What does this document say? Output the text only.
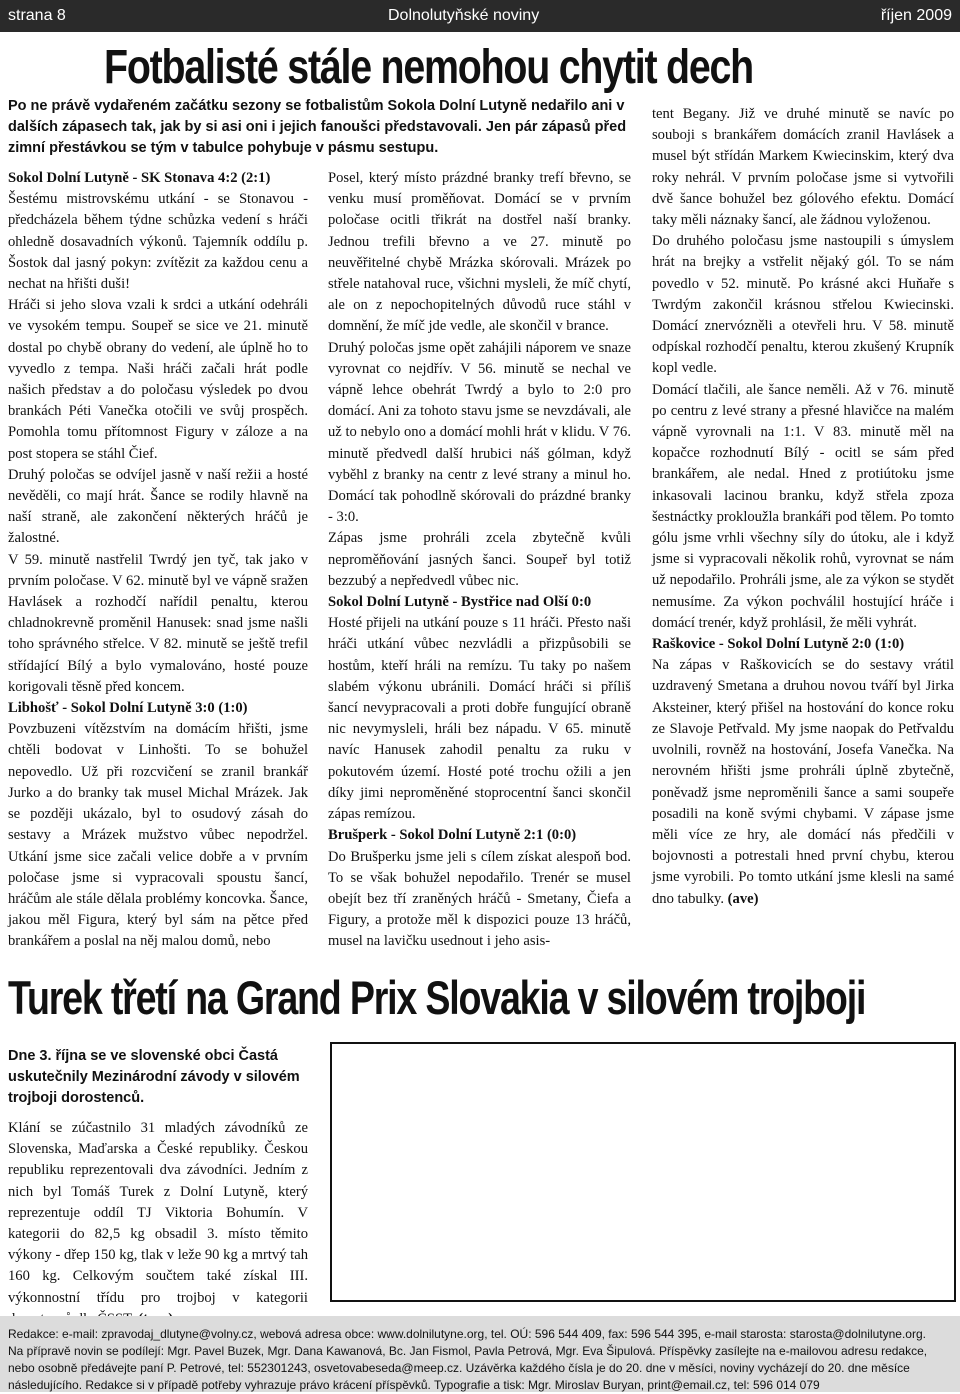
strana 8	Dolnolutyňské noviny	říjen 2009
Fotbalisté stále nemohou chytit dech
Po ne právě vydařeném začátku sezony se fotbalistům Sokola Dolní Lutyně nedařilo ani v dalších zápasech tak, jak by si asi oni i jejich fanoušci představovali. Jen pár zápasů před zimní přestávkou se tým v tabulce pohybuje v pásmu sestupu.

Sokol Dolní Lutyně - SK Stonava 4:2 (2:1)

Šestému mistrovskému utkání - se Stonavou - předcházela během týdne schůzka vedení s hráči ohledně dosavadních výkonů. Tajemník oddílu p. Šostok dal jasný pokyn: zvítězit za každou cenu a nechat na hřišti duši!

Hráči si jeho slova vzali k srdci a utkání odehráli ve vysokém tempu. Soupeř se sice ve 21. minutě dostal po chybě obrany do vedení, ale úplně ho to vyvedlo z tempa. Naši hráči začali hrát podle našich představ a do poločasu výsledek po dvou brankách Péti Vanečka otočili ve svůj prospěch. Pomohla tomu přítomnost Figury v záloze a na post stopera se stáhl Čief.

Druhý poločas se odvíjel jasně v naší režii a hosté nevěděli, co mají hrát. Šance se rodily hlavně na naší straně, ale zakončení některých hráčů je žalostné.

V 59. minutě nastřelil Twrdý jen tyč, tak jako v prvním poločase. V 62. minutě byl ve vápně sražen Havlásek a rozhodčí nařídil penaltu, kterou chladnokrevně proměnil Hanusek: snad jsme našli toho správného střelce. V 82. minutě se ještě trefil střídající Bílý a bylo vymalováno, hosté pouze korigovali těsně před koncem.

Libhošť - Sokol Dolní Lutyně 3:0 (1:0)

Povzbuzeni vítězstvím na domácím hřišti, jsme chtěli bodovat v Linhošti. To se bohužel nepovedlo. Už při rozcvičení se zranil brankář Jurko a do branky tak musel Michal Mrázek. Jak se později ukázalo, byl to osudový zásah do sestavy a Mrázek mužstvo vůbec nepodržel. Utkání jsme sice začali velice dobře a v prvním poločase jsme si vypracovali spoustu šancí, hráčům ale stále dělala problémy koncovka. Šance, jakou měl Figura, který byl sám na pětce před brankářem a poslal na něj malou domů, nebo

Posel, který místo prázdné branky trefí břevno, se venku musí proměňovat. Domácí se v prvním poločase ocitli třikrát na dostřel naší branky. Jednou trefili břevno a ve 27. minutě po neuvěřitelné chybě Mrázka skórovali. Mrázek po střele natahoval ruce, všichni mysleli, že míč chytí, ale on z nepochopitelných důvodů ruce stáhl v domnění, že míč jde vedle, ale skončil v brance.

Druhý poločas jsme opět zahájili náporem ve snaze vyrovnat co nejdřív. V 56. minutě se nechal ve vápně lehce obehrát Twrdý a bylo to 2:0 pro domácí. Ani za tohoto stavu jsme se nevzdávali, ale už to nebylo ono a domácí mohli hrát v klidu. V 76. minutě předvedl další hrubici náš gólman, když vyběhl z branky na centr z levé strany a minul ho. Domácí tak pohodlně skórovali do prázdné branky - 3:0.

Zápas jsme prohráli zcela zbytečně kvůli neproměňování jasných šanci. Soupeř byl totiž bezzubý a nepředvedl vůbec nic.

Sokol Dolní Lutyně - Bystřice nad Olší 0:0

Hosté přijeli na utkání pouze s 11 hráči. Přesto naši hráči utkání vůbec nezvládli a přizpůsobili se hostům, kteří hráli na remízu. Tu taky po našem slabém výkonu ubránili. Domácí hráči si příliš šancí nevypracovali a proti dobře fungující obraně nic nevymysleli, hráli bez nápadu. V 65. minutě navíc Hanusek zahodil penaltu za ruku v pokutovém území. Hosté poté trochu ožili a jen díky jimi neproměněné stoprocentní šanci skončil zápas remízou.

Brušperk - Sokol Dolní Lutyně 2:1 (0:0)

Do Brušperku jsme jeli s cílem získat alespoň bod. To se však bohužel nepodařilo. Trenér se musel obejít bez tří zraněných hráčů - Smetany, Čiefa a Figury, a protože měl k dispozici pouze 13 hráčů, musel na lavičku usednout i jeho asis-

tent Begany. Již ve druhé minutě se navíc po souboji s brankářem domácích zranil Havlásek a musel být střídán Markem Kwiecinskim, který dva roky nehrál. V prvním poločase jsme si vytvořili dvě šance bohužel bez gólového efektu. Domácí taky měli náznaky šancí, ale žádnou vyloženou.

Do druhého poločasu jsme nastoupili s úmyslem hrát na brejky a vstřelit nějaký gól. To se nám povedlo v 52. minutě. Po krásné akci Huňaře s Twrdým zakončil krásnou střelou Kwiecinski. Domácí znervózněli a otevřeli hru. V 58. minutě odpískal rozhodčí penaltu, kterou zkušený Krupník kopl vedle.

Domácí tlačili, ale šance neměli. Až v 76. minutě po centru z levé strany a přesné hlavičce na malém vápně vyrovnali na 1:1. V 83. minutě měl na kopačce rozhodnutí Bílý - ocitl se sám před brankářem, ale nedal. Hned z protiútoku jsme inkasovali lacinou branku, když střela zpoza šestnáctky prokloužla brankáři pod tělem. Po tomto gólu jsme vrhli všechny síly do útoku, ale i když jsme si vypracovali několik rohů, vyrovnat se nám už nepodařilo. Prohráli jsme, ale za výkon se stydět nemusíme. Za výkon pochválil hostující hráče i domácí trenér, když prohlásil, že měli vyhrát.

Raškovice - Sokol Dolní Lutyně 2:0 (1:0)

Na zápas v Raškovicích se do sestavy vrátil uzdravený Smetana a druhou novou tváří byl Jirka Aksteiner, který přišel na hostování do konce roku ze Slavoje Petřvald. My jsme naopak do Petřvaldu uvolnili, rovněž na hostování, Josefa Vanečka. Na nerovném hřišti jsme prohráli úplně zbytečně, poněvadž jsme neproměnili šance a sami soupeře posadili na koně svými chybami. V zápase jsme měli více ze hry, ale domácí nás předčili v bojovnosti a potrestali hned první chybu, kterou jsme vyrobili. Po tomto utkání jsme klesli na samé dno tabulky. (ave)

Turek třetí na Grand Prix Slovakia v silovém trojboji
Dne 3. října se ve slovenské obci Častá uskutečnily Mezinárodní závody v silovém trojboji dorostenců.

Klání se zúčastnilo 31 mladých závodníků ze Slovenska, Maďarska a České republiky. Českou republiku reprezentovali dva závodníci. Jedním z nich byl Tomáš Turek z Dolní Lutyně, který reprezentuje oddíl TJ Viktoria Bohumín. V kategorii do 82,5 kg obsadil 3. místo těmito výkony - dřep 150 kg, tlak v leže 90 kg a mrtvý tah 160 kg. Celkovým součtem také získal III. výkonnostní třídu pro trojboj v kategorii

Redakce: e-mail: zpravodaj_dlutyne@volny.cz, webová adresa obce: www.dolnilutyne.org, tel. OÚ: 596 544 409, fax: 596 544 395, e-mail starosta: starosta@dolnilutyne.org.

Na přípravě novin se podílejí: Mgr. Pavel Buzek, Mgr. Dana Kawanová, Bc. Jan Fismol, Pavla Petrová, Mgr. Eva Šipulová. Příspěvky zasílejte na e-mailovou adresu redakce, nebo osobně předávejte paní P. Petrové, tel: 552301243, osvetovabeseda@meep.cz. Uzávěrka každého čísla je do 20. dne v měsíci, noviny vycházejí do 20. dne měsíce následujícího. Redakce si v případě potřeby vyhrazuje právo krácení příspěvků. Typografie a tisk: Mgr. Miroslav Buryan, print@email.cz, tel: 596 014 079
